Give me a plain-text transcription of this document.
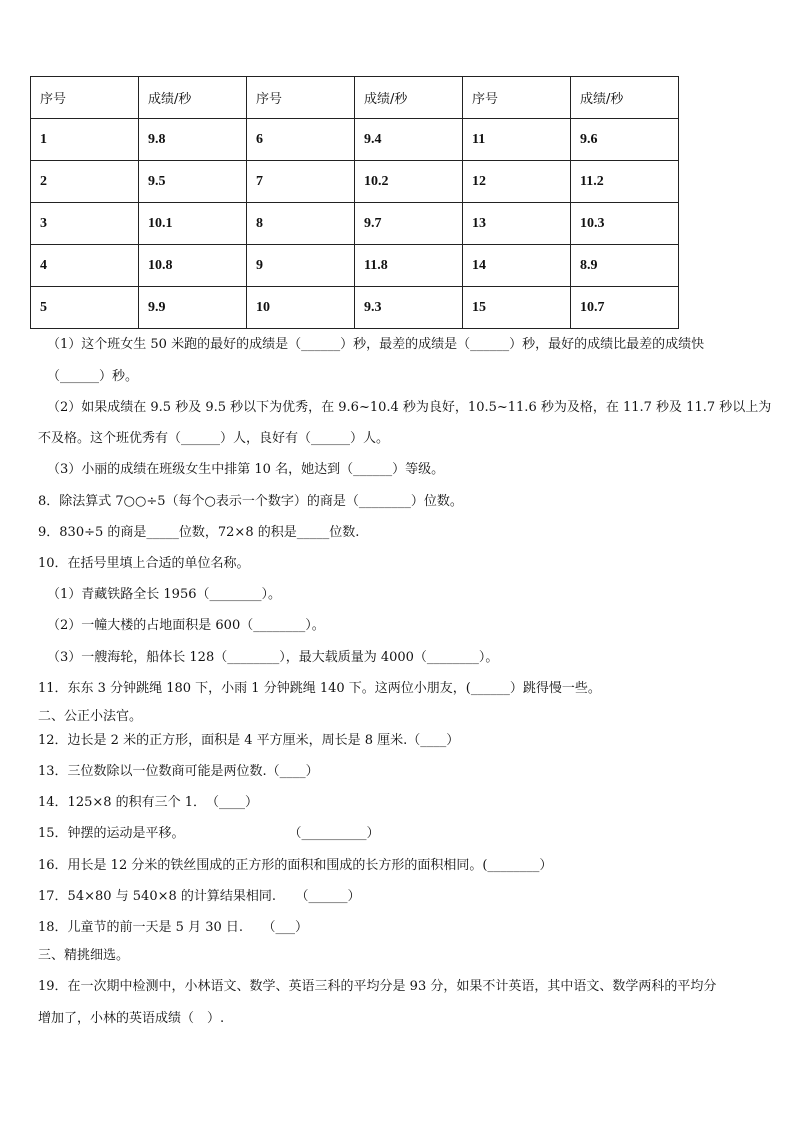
序号	成绩/秒	序号	成绩/秒	序号	成绩/秒
1	9.8	6	9.4	11	9.6
2	9.5	7	10.2	12	11.2
3	10.1	8	9.7	13	10.3
4	10.8	9	11.8	14	8.9
5	9.9	10	9.3	15	10.7
（1）这个班女生 50 米跑的最好的成绩是（______）秒，最差的成绩是（______）秒，最好的成绩比最差的成绩快
（______）秒。
（2）如果成绩在 9.5 秒及 9.5 秒以下为优秀，在 9.6~10.4 秒为良好，10.5~11.6 秒为及格，在 11.7 秒及 11.7 秒以上为
不及格。这个班优秀有（______）人，良好有（______）人。
（3）小丽的成绩在班级女生中排第 10 名，她达到（______）等级。
8．除法算式 7○○÷5（每个○表示一个数字）的商是（________）位数。
9．830÷5 的商是_____位数，72×8 的积是_____位数.
10．在括号里填上合适的单位名称。
（1）青藏铁路全长 1956（________）。
（2）一幢大楼的占地面积是 600（________）。
（3）一艘海轮，船体长 128（________），最大载质量为 4000（________）。
11．东东 3 分钟跳绳 180 下，小雨 1 分钟跳绳 140 下。这两位小朋友，(______）跳得慢一些。
二、公正小法官。
12．边长是 2 米的正方形，面积是 4 平方厘米，周长是 8 厘米.（____）
13．三位数除以一位数商可能是两位数.（____）
14．125×8 的积有三个 1．　（____）
15．钟摆的运动是平移。　　　　　　　　　（__________）
16．用长是 12 分米的铁丝围成的正方形的面积和围成的长方形的面积相同。(________）
17．54×80 与 540×8 的计算结果相同.　　（______）
18．儿童节的前一天是 5 月 30 日.　　（___）
三、精挑细选。
19．在一次期中检测中，小林语文、数学、英语三科的平均分是 93 分，如果不计英语，其中语文、数学两科的平均分
增加了，小林的英语成绩（　）.
